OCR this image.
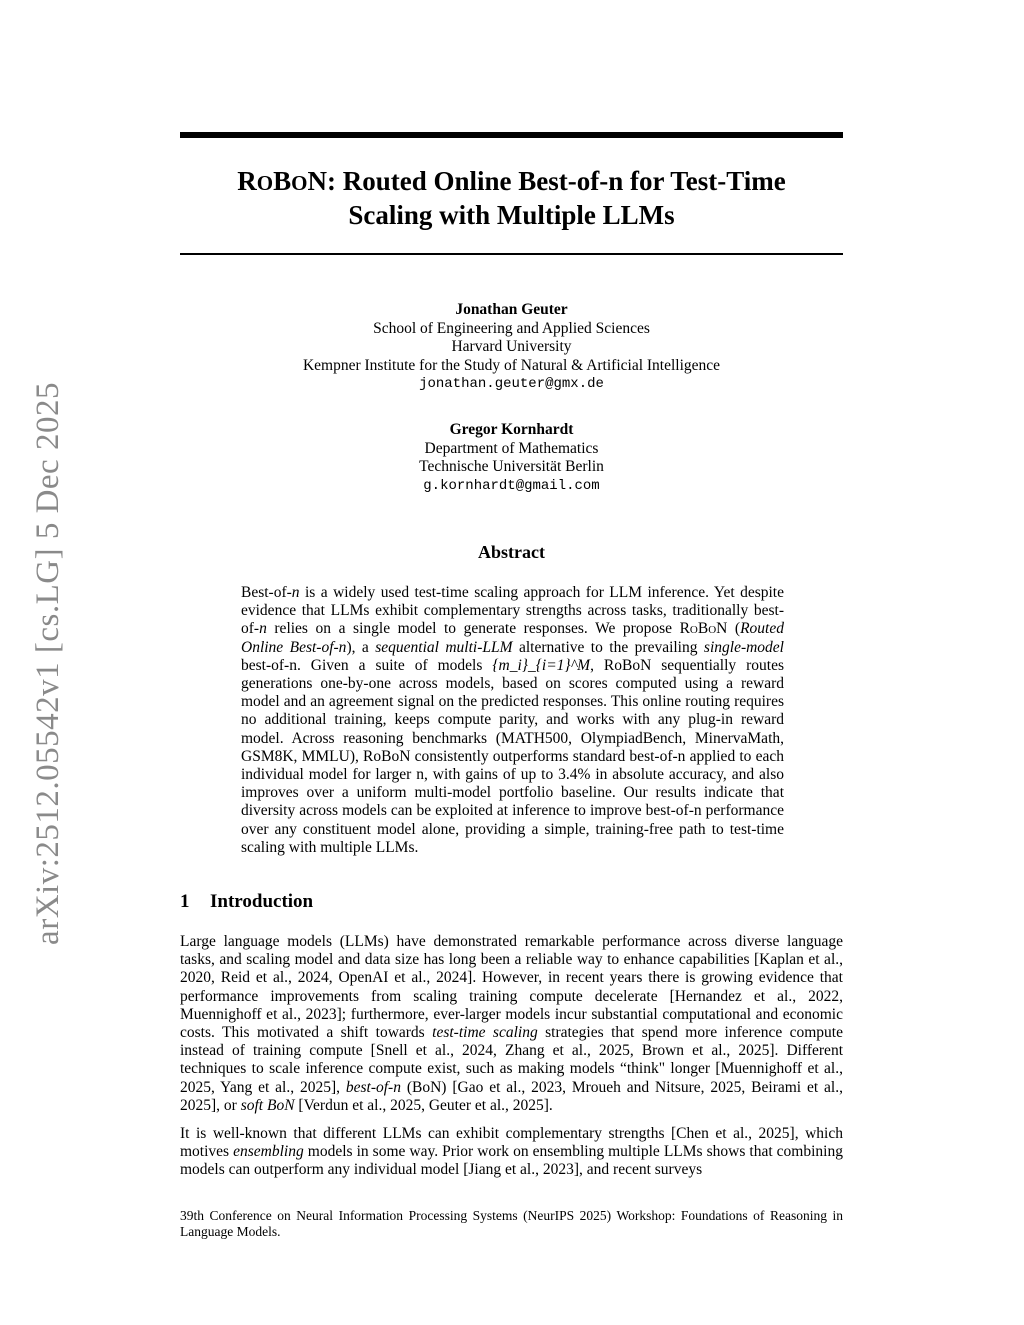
arXiv:2512.05542v1 [cs.LG] 5 Dec 2025
ROBON: Routed Online Best-of-n for Test-Time
Scaling with Multiple LLMs
Jonathan Geuter
School of Engineering and Applied Sciences
Harvard University
Kempner Institute for the Study of Natural & Artificial Intelligence
jonathan.geuter@gmx.de
Gregor Kornhardt
Department of Mathematics
Technische Universität Berlin
g.kornhardt@gmail.com
Abstract
Best-of-n is a widely used test-time scaling approach for LLM inference. Yet despite evidence that LLMs exhibit complementary strengths across tasks, traditionally best-of-n relies on a single model to generate responses. We propose RoBoN (Routed Online Best-of-n), a sequential multi-LLM alternative to the prevailing single-model best-of-n. Given a suite of models {m_i}_{i=1}^M, RoBoN sequentially routes generations one-by-one across models, based on scores computed using a reward model and an agreement signal on the predicted responses. This online routing requires no additional training, keeps compute parity, and works with any plug-in reward model. Across reasoning benchmarks (MATH500, OlympiadBench, MinervaMath, GSM8K, MMLU), RoBoN consistently outperforms standard best-of-n applied to each individual model for larger n, with gains of up to 3.4% in absolute accuracy, and also improves over a uniform multi-model portfolio baseline. Our results indicate that diversity across models can be exploited at inference to improve best-of-n performance over any constituent model alone, providing a simple, training-free path to test-time scaling with multiple LLMs.
1 Introduction
Large language models (LLMs) have demonstrated remarkable performance across diverse language tasks, and scaling model and data size has long been a reliable way to enhance capabilities [Kaplan et al., 2020, Reid et al., 2024, OpenAI et al., 2024]. However, in recent years there is growing evidence that performance improvements from scaling training compute decelerate [Hernandez et al., 2022, Muennighoff et al., 2023]; furthermore, ever-larger models incur substantial computational and economic costs. This motivated a shift towards test-time scaling strategies that spend more inference compute instead of training compute [Snell et al., 2024, Zhang et al., 2025, Brown et al., 2025]. Different techniques to scale inference compute exist, such as making models “think" longer [Muennighoff et al., 2025, Yang et al., 2025], best-of-n (BoN) [Gao et al., 2023, Mroueh and Nitsure, 2025, Beirami et al., 2025], or soft BoN [Verdun et al., 2025, Geuter et al., 2025].
It is well-known that different LLMs can exhibit complementary strengths [Chen et al., 2025], which motives ensembling models in some way. Prior work on ensembling multiple LLMs shows that combining models can outperform any individual model [Jiang et al., 2023], and recent surveys
39th Conference on Neural Information Processing Systems (NeurIPS 2025) Workshop: Foundations of Reasoning in Language Models.
